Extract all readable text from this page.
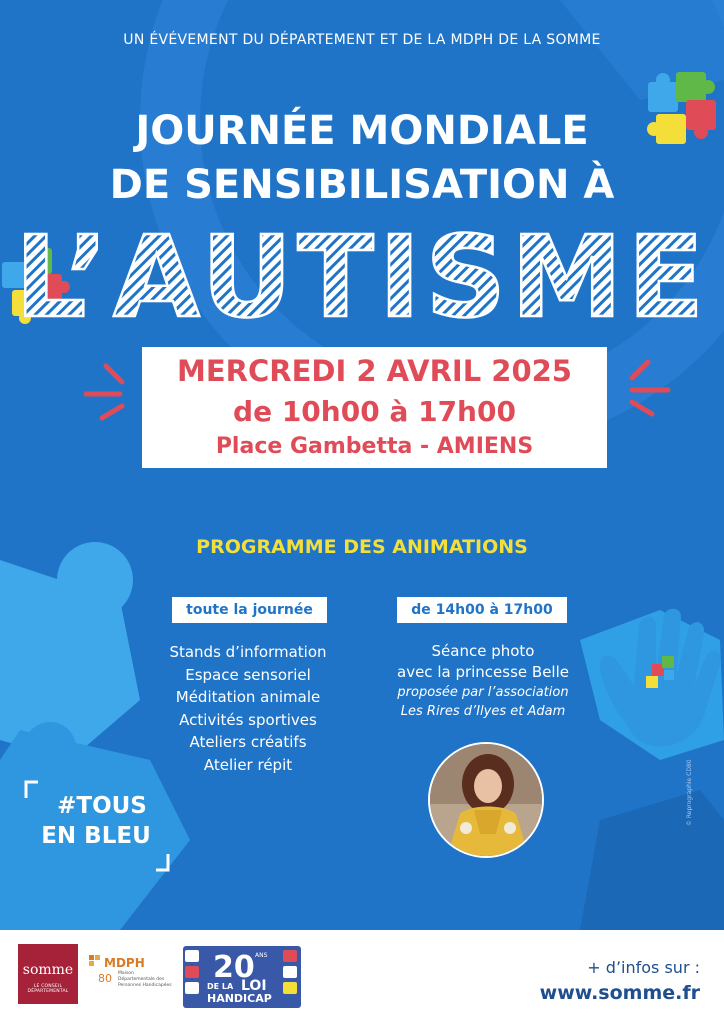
UN ÉVÉVEMENT DU DÉPARTEMENT ET DE LA MDPH DE LA SOMME
JOURNÉE MONDIALE
DE SENSIBILISATION À
L’AUTISME
MERCREDI 2 AVRIL 2025
de 10h00 à 17h00
Place Gambetta - AMIENS
PROGRAMME DES ANIMATIONS
toute la journée	de 14h00 à 17h00
Stands d’information
Espace sensoriel
Méditation animale
Activités sportives
Ateliers créatifs
Atelier répit
Séance photo
avec la princesse Belle
proposée par l’association
Les Rires d’Ilyes et Adam
#TOUS
EN BLEU
© Reprographie CD80
somme
LE CONSEIL DÉPARTEMENTAL
MDPH
80 Maison Départementale des Personnes Handicapées
20 ANS
DE LA LOI
HANDICAP
+ d’infos sur :
www.somme.fr
